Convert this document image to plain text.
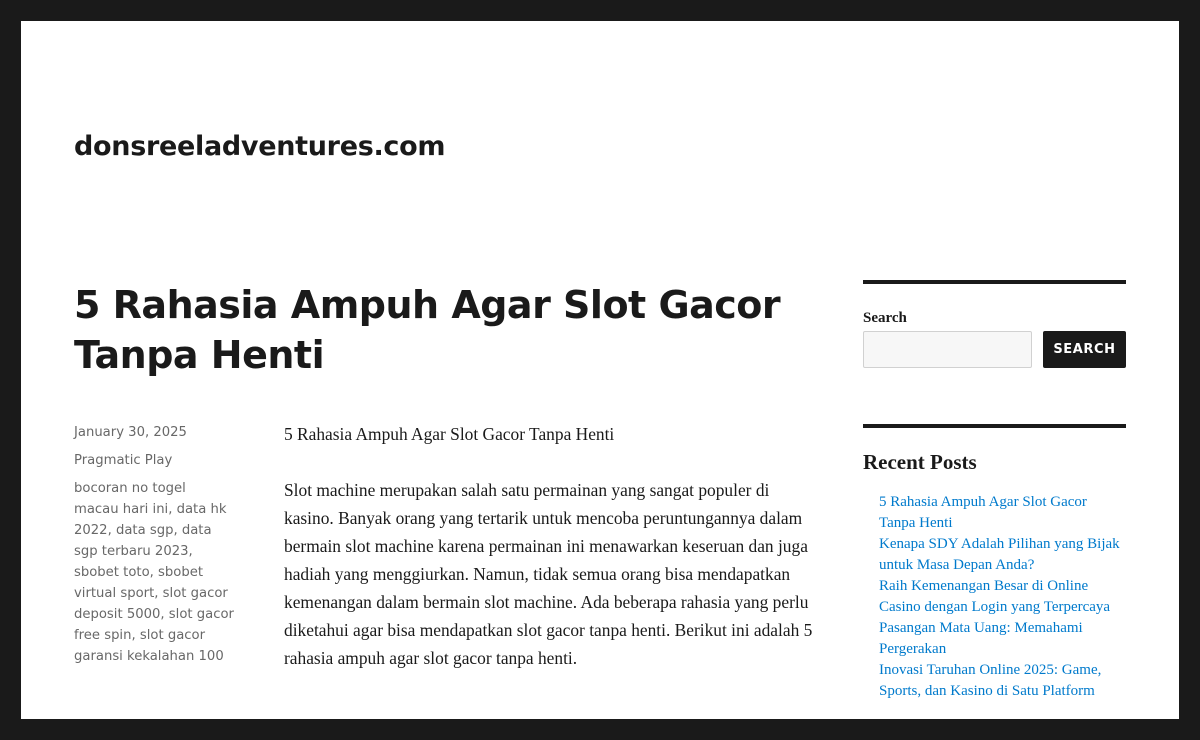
donsreeladventures.com
5 Rahasia Ampuh Agar Slot Gacor Tanpa Henti
January 30, 2025
Pragmatic Play
bocoran no togel macau hari ini, data hk 2022, data sgp, data sgp terbaru 2023, sbobet toto, sbobet virtual sport, slot gacor deposit 5000, slot gacor free spin, slot gacor garansi kekalahan 100

5 Rahasia Ampuh Agar Slot Gacor Tanpa Henti

Slot machine merupakan salah satu permainan yang sangat populer di kasino. Banyak orang yang tertarik untuk mencoba peruntungannya dalam bermain slot machine karena permainan ini menawarkan keseruan dan juga hadiah yang menggiurkan. Namun, tidak semua orang bisa mendapatkan kemenangan dalam bermain slot machine. Ada beberapa rahasia yang perlu diketahui agar bisa mendapatkan slot gacor tanpa henti. Berikut ini adalah 5 rahasia ampuh agar slot gacor tanpa henti.

Search
SEARCH
Recent Posts
5 Rahasia Ampuh Agar Slot Gacor Tanpa Henti
Kenapa SDY Adalah Pilihan yang Bijak untuk Masa Depan Anda?
Raih Kemenangan Besar di Online Casino dengan Login yang Terpercaya
Pasangan Mata Uang: Memahami Pergerakan
Inovasi Taruhan Online 2025: Game, Sports, dan Kasino di Satu Platform
